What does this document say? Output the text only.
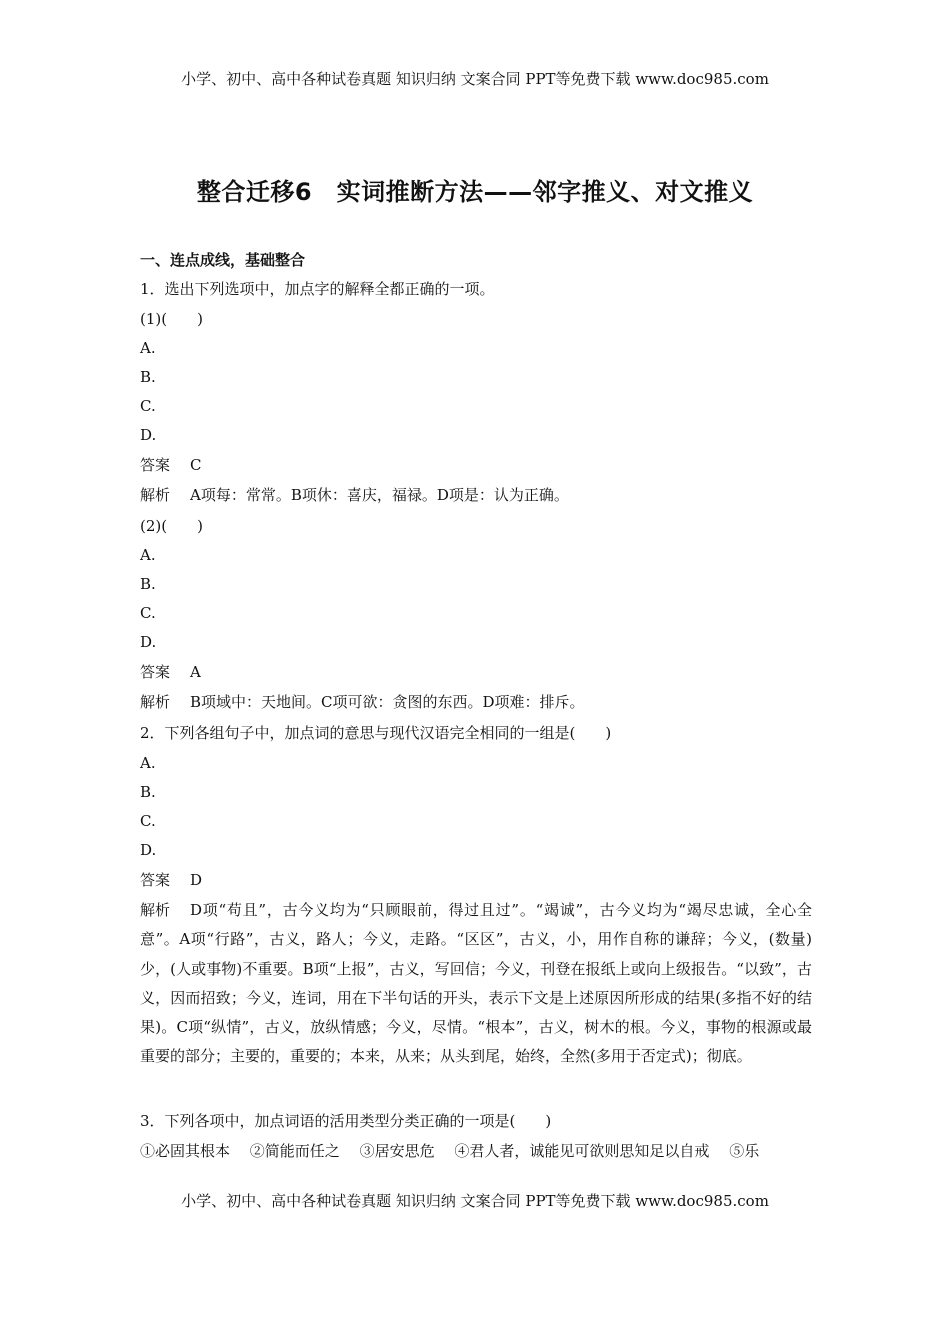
小学、初中、高中各种试卷真题 知识归纳 文案合同 PPT等免费下载 www.doc985.com
整合迁移6　实词推断方法——邻字推义、对文推义
一、连点成线，基础整合
1．选出下列选项中，加点字的解释全都正确的一项。
(1)(　　)
A.
B.
C.
D.
答案 C
解析 A项每：常常。B项休：喜庆，福禄。D项是：认为正确。
(2)(　　)
A.
B.
C.
D.
答案 A
解析 B项域中：天地间。C项可欲：贪图的东西。D项难：排斥。
2．下列各组句子中，加点词的意思与现代汉语完全相同的一组是(　　)
A.
B.
C.
D.
答案 D
解析 D项“苟且”，古今义均为“只顾眼前，得过且过”。“竭诚”，古今义均为“竭尽忠诚，全心全意”。A项“行路”，古义，路人；今义，走路。“区区”，古义，小，用作自称的谦辞；今义，(数量)少，(人或事物)不重要。B项“上报”，古义，写回信；今义，刊登在报纸上或向上级报告。“以致”，古义，因而招致；今义，连词，用在下半句话的开头，表示下文是上述原因所形成的结果(多指不好的结果)。C项“纵情”，古义，放纵情感；今义，尽情。“根本”，古义，树木的根。今义，事物的根源或最重要的部分；主要的，重要的；本来，从来；从头到尾，始终，全然(多用于否定式)；彻底。
3．下列各项中，加点词语的活用类型分类正确的一项是(　　)
①必固其根本　 ②简能而任之　 ③居安思危　 ④君人者，诚能见可欲则思知足以自戒　 ⑤乐
小学、初中、高中各种试卷真题 知识归纳 文案合同 PPT等免费下载 www.doc985.com
